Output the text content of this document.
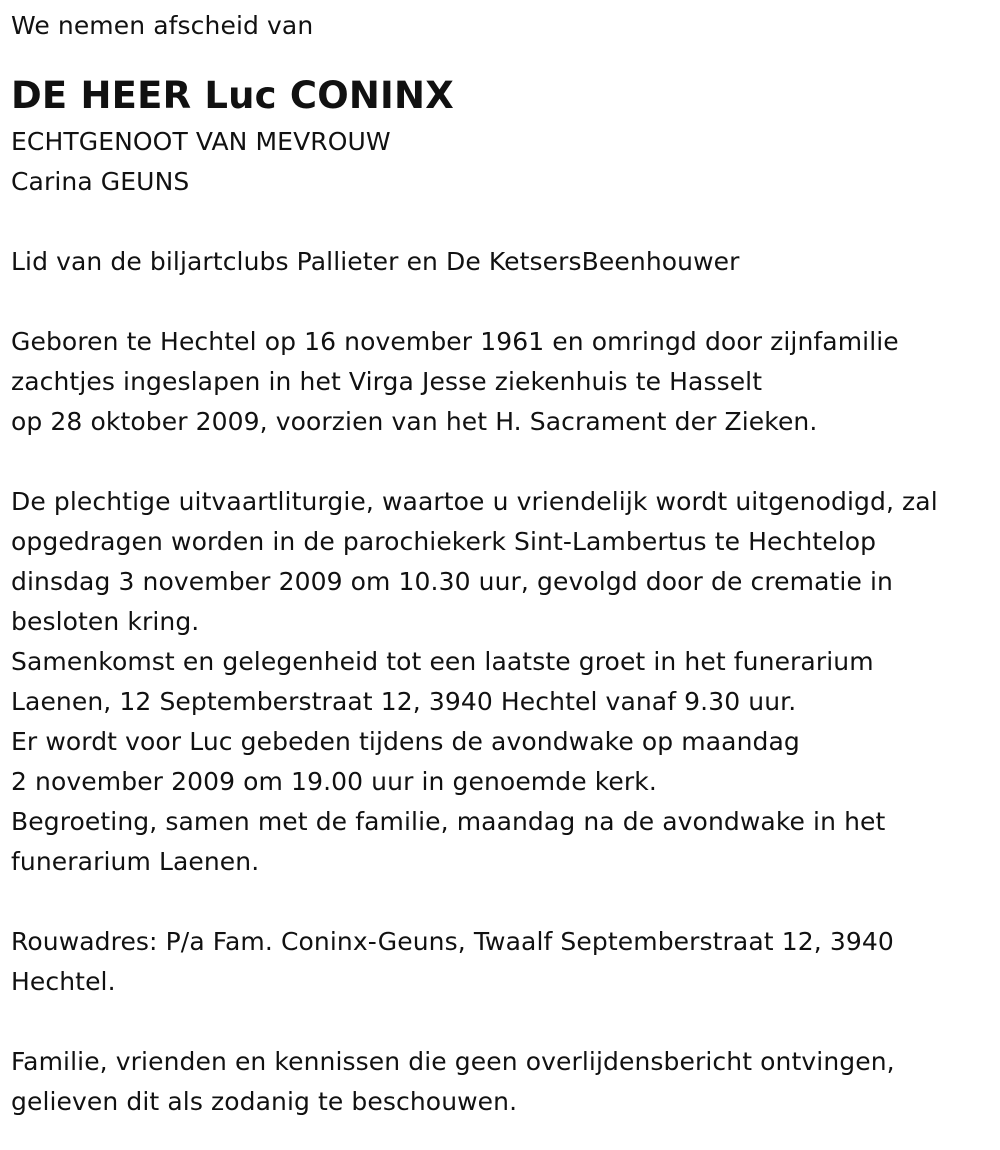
We nemen afscheid van
DE HEER Luc CONINX
ECHTGENOOT VAN MEVROUW
Carina GEUNS
Lid van de biljartclubs Pallieter en De KetsersBeenhouwer
Geboren te Hechtel op 16 november 1961 en omringd door zijnfamilie
zachtjes ingeslapen in het Virga Jesse ziekenhuis te Hasselt
op 28 oktober 2009, voorzien van het H. Sacrament der Zieken.
De plechtige uitvaartliturgie, waartoe u vriendelijk wordt uitgenodigd, zal
opgedragen worden in de parochiekerk Sint-Lambertus te Hechtelop
dinsdag 3 november 2009 om 10.30 uur, gevolgd door de crematie in
besloten kring.
Samenkomst en gelegenheid tot een laatste groet in het funerarium
Laenen, 12 Septemberstraat 12, 3940 Hechtel vanaf 9.30 uur.
Er wordt voor Luc gebeden tijdens de avondwake op maandag
2 november 2009 om 19.00 uur in genoemde kerk.
Begroeting, samen met de familie, maandag na de avondwake in het
funerarium Laenen.
Rouwadres: P/a Fam. Coninx-Geuns, Twaalf Septemberstraat 12, 3940
Hechtel.
Familie, vrienden en kennissen die geen overlijdensbericht ontvingen,
gelieven dit als zodanig te beschouwen.
